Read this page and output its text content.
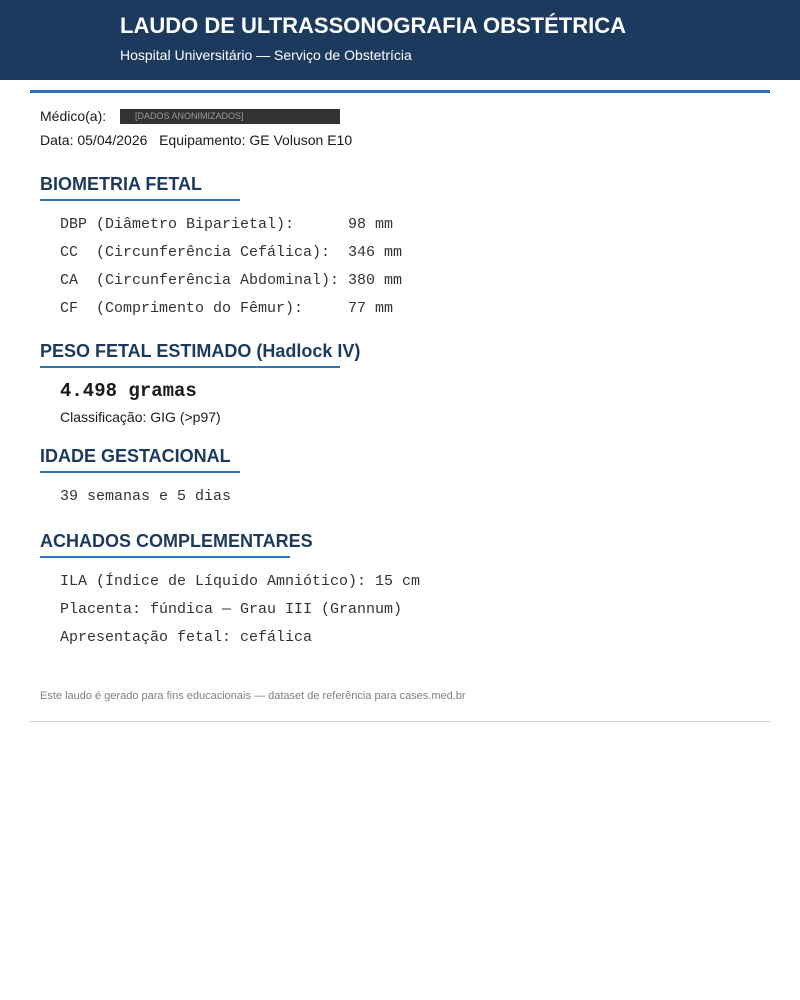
LAUDO DE ULTRASSONOGRAFIA OBSTÉTRICA
Hospital Universitário — Serviço de Obstetrícia
Médico(a):	[DADOS ANONIMIZADOS]
Data: 05/04/2026   Equipamento: GE Voluson E10
BIOMETRIA FETAL
DBP (Diâmetro Biparietal):      98 mm
CC  (Circunferência Cefálica):  346 mm
CA  (Circunferência Abdominal): 380 mm
CF  (Comprimento do Fêmur):     77 mm
PESO FETAL ESTIMADO (Hadlock IV)
4.498 gramas
Classificação: GIG (>p97)
IDADE GESTACIONAL
39 semanas e 5 dias
ACHADOS COMPLEMENTARES
ILA (Índice de Líquido Amniótico): 15 cm
Placenta: fúndica — Grau III (Grannum)
Apresentação fetal: cefálica
Este laudo é gerado para fins educacionais — dataset de referência para cases.med.br
